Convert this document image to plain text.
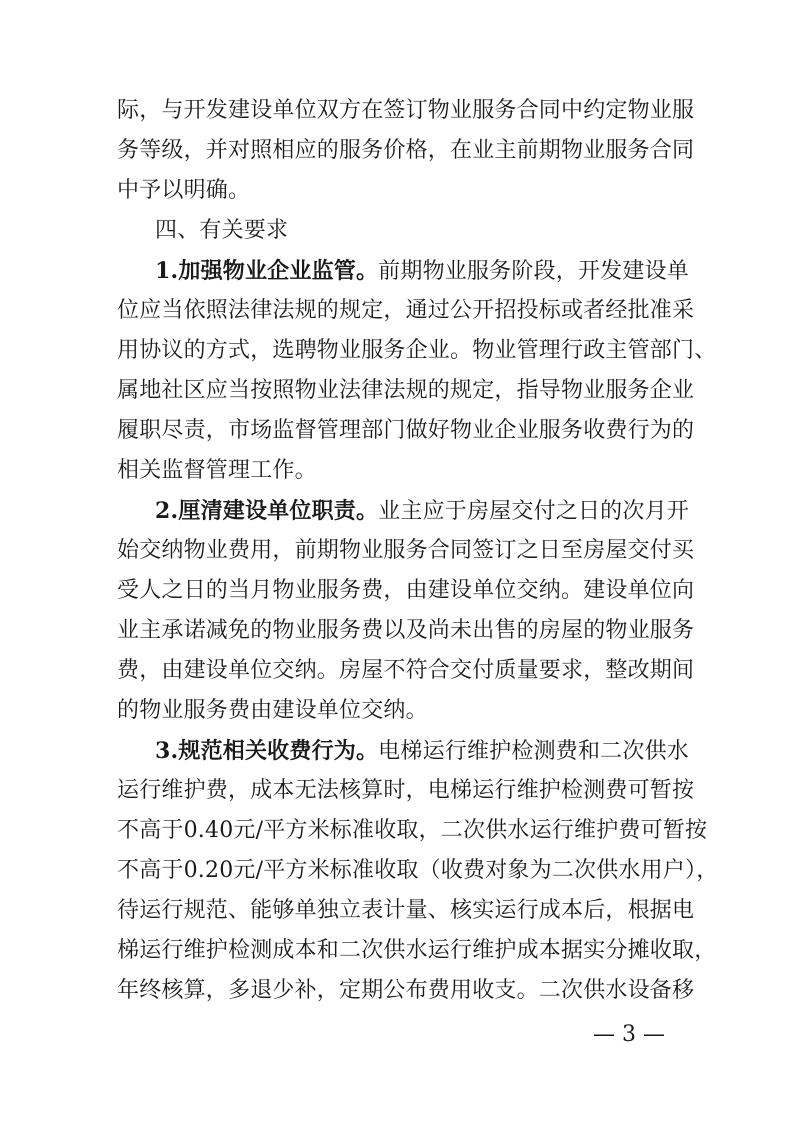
际，与开发建设单位双方在签订物业服务合同中约定物业服
务等级，并对照相应的服务价格，在业主前期物业服务合同
中予以明确。
四、有关要求
1.加强物业企业监管。前期物业服务阶段，开发建设单
位应当依照法律法规的规定，通过公开招投标或者经批准采
用协议的方式，选聘物业服务企业。物业管理行政主管部门、
属地社区应当按照物业法律法规的规定，指导物业服务企业
履职尽责，市场监督管理部门做好物业企业服务收费行为的
相关监督管理工作。
2.厘清建设单位职责。业主应于房屋交付之日的次月开
始交纳物业费用，前期物业服务合同签订之日至房屋交付买
受人之日的当月物业服务费，由建设单位交纳。建设单位向
业主承诺减免的物业服务费以及尚未出售的房屋的物业服务
费，由建设单位交纳。房屋不符合交付质量要求，整改期间
的物业服务费由建设单位交纳。
3.规范相关收费行为。电梯运行维护检测费和二次供水
运行维护费，成本无法核算时，电梯运行维护检测费可暂按
不高于0.40元/平方米标准收取，二次供水运行维护费可暂按
不高于0.20元/平方米标准收取（收费对象为二次供水用户），
待运行规范、能够单独立表计量、核实运行成本后，根据电
梯运行维护检测成本和二次供水运行维护成本据实分摊收取，
年终核算，多退少补，定期公布费用收支。二次供水设备移
— 3 —
